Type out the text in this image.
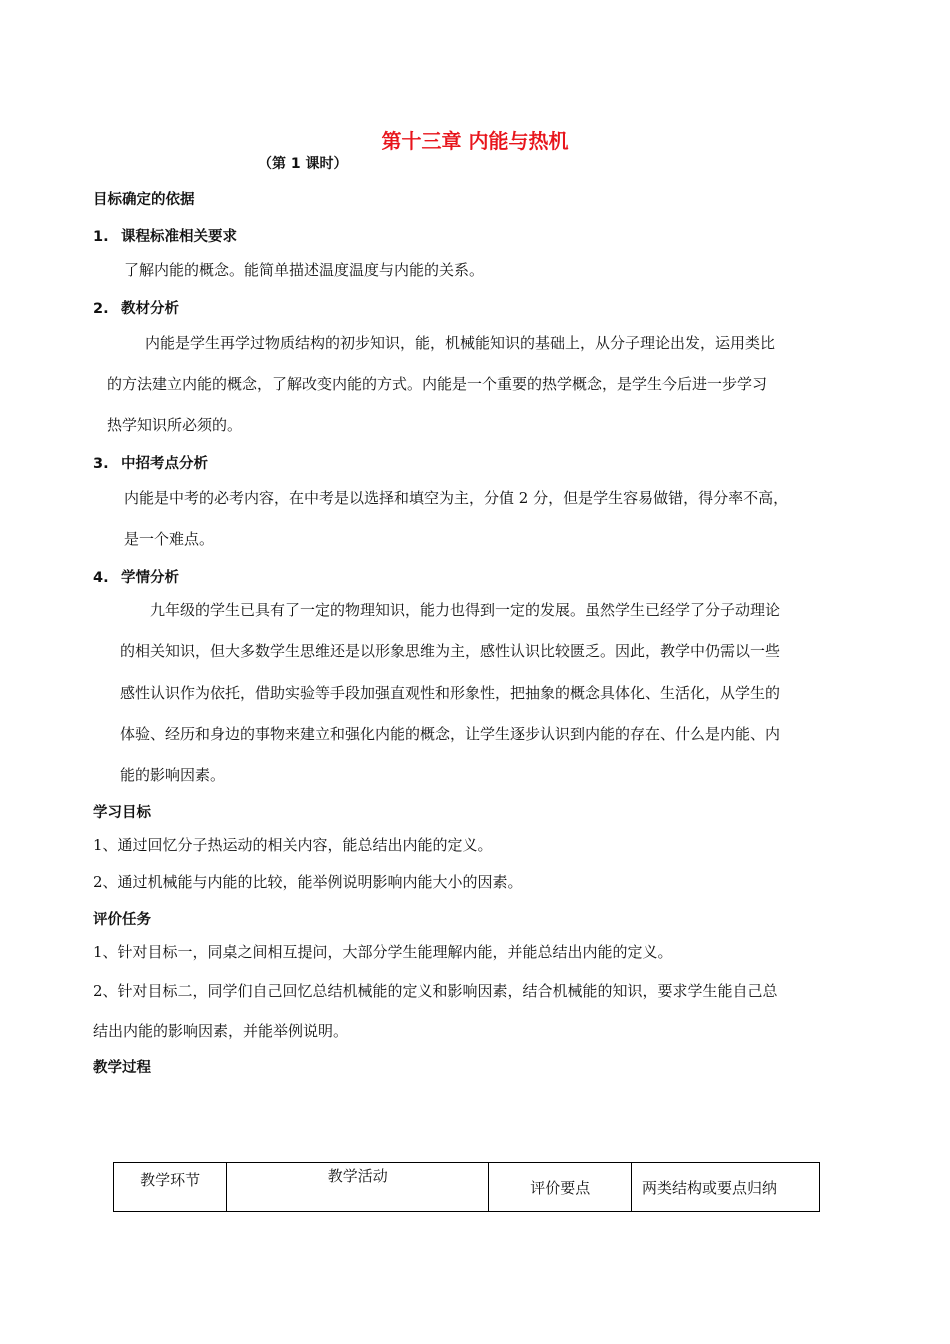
第十三章 内能与热机
（第 1 课时）
目标确定的依据
1. 课程标准相关要求
了解内能的概念。能简单描述温度温度与内能的关系。
2. 教材分析
内能是学生再学过物质结构的初步知识，能，机械能知识的基础上，从分子理论出发，运用类比
的方法建立内能的概念，了解改变内能的方式。内能是一个重要的热学概念，是学生今后进一步学习
热学知识所必须的。
3. 中招考点分析
内能是中考的必考内容，在中考是以选择和填空为主，分值 2 分，但是学生容易做错，得分率不高，
是一个难点。
4. 学情分析
九年级的学生已具有了一定的物理知识，能力也得到一定的发展。虽然学生已经学了分子动理论
的相关知识，但大多数学生思维还是以形象思维为主，感性认识比较匮乏。因此，教学中仍需以一些
感性认识作为依托，借助实验等手段加强直观性和形象性，把抽象的概念具体化、生活化，从学生的
体验、经历和身边的事物来建立和强化内能的概念，让学生逐步认识到内能的存在、什么是内能、内
能的影响因素。
学习目标
1、通过回忆分子热运动的相关内容，能总结出内能的定义。
2、通过机械能与内能的比较，能举例说明影响内能大小的因素。
评价任务
1、针对目标一，同桌之间相互提问，大部分学生能理解内能，并能总结出内能的定义。
2、针对目标二，同学们自己回忆总结机械能的定义和影响因素，结合机械能的知识，要求学生能自己总
结出内能的影响因素，并能举例说明。
教学过程
教学环节	教学活动	评价要点	两类结构或要点归纳
